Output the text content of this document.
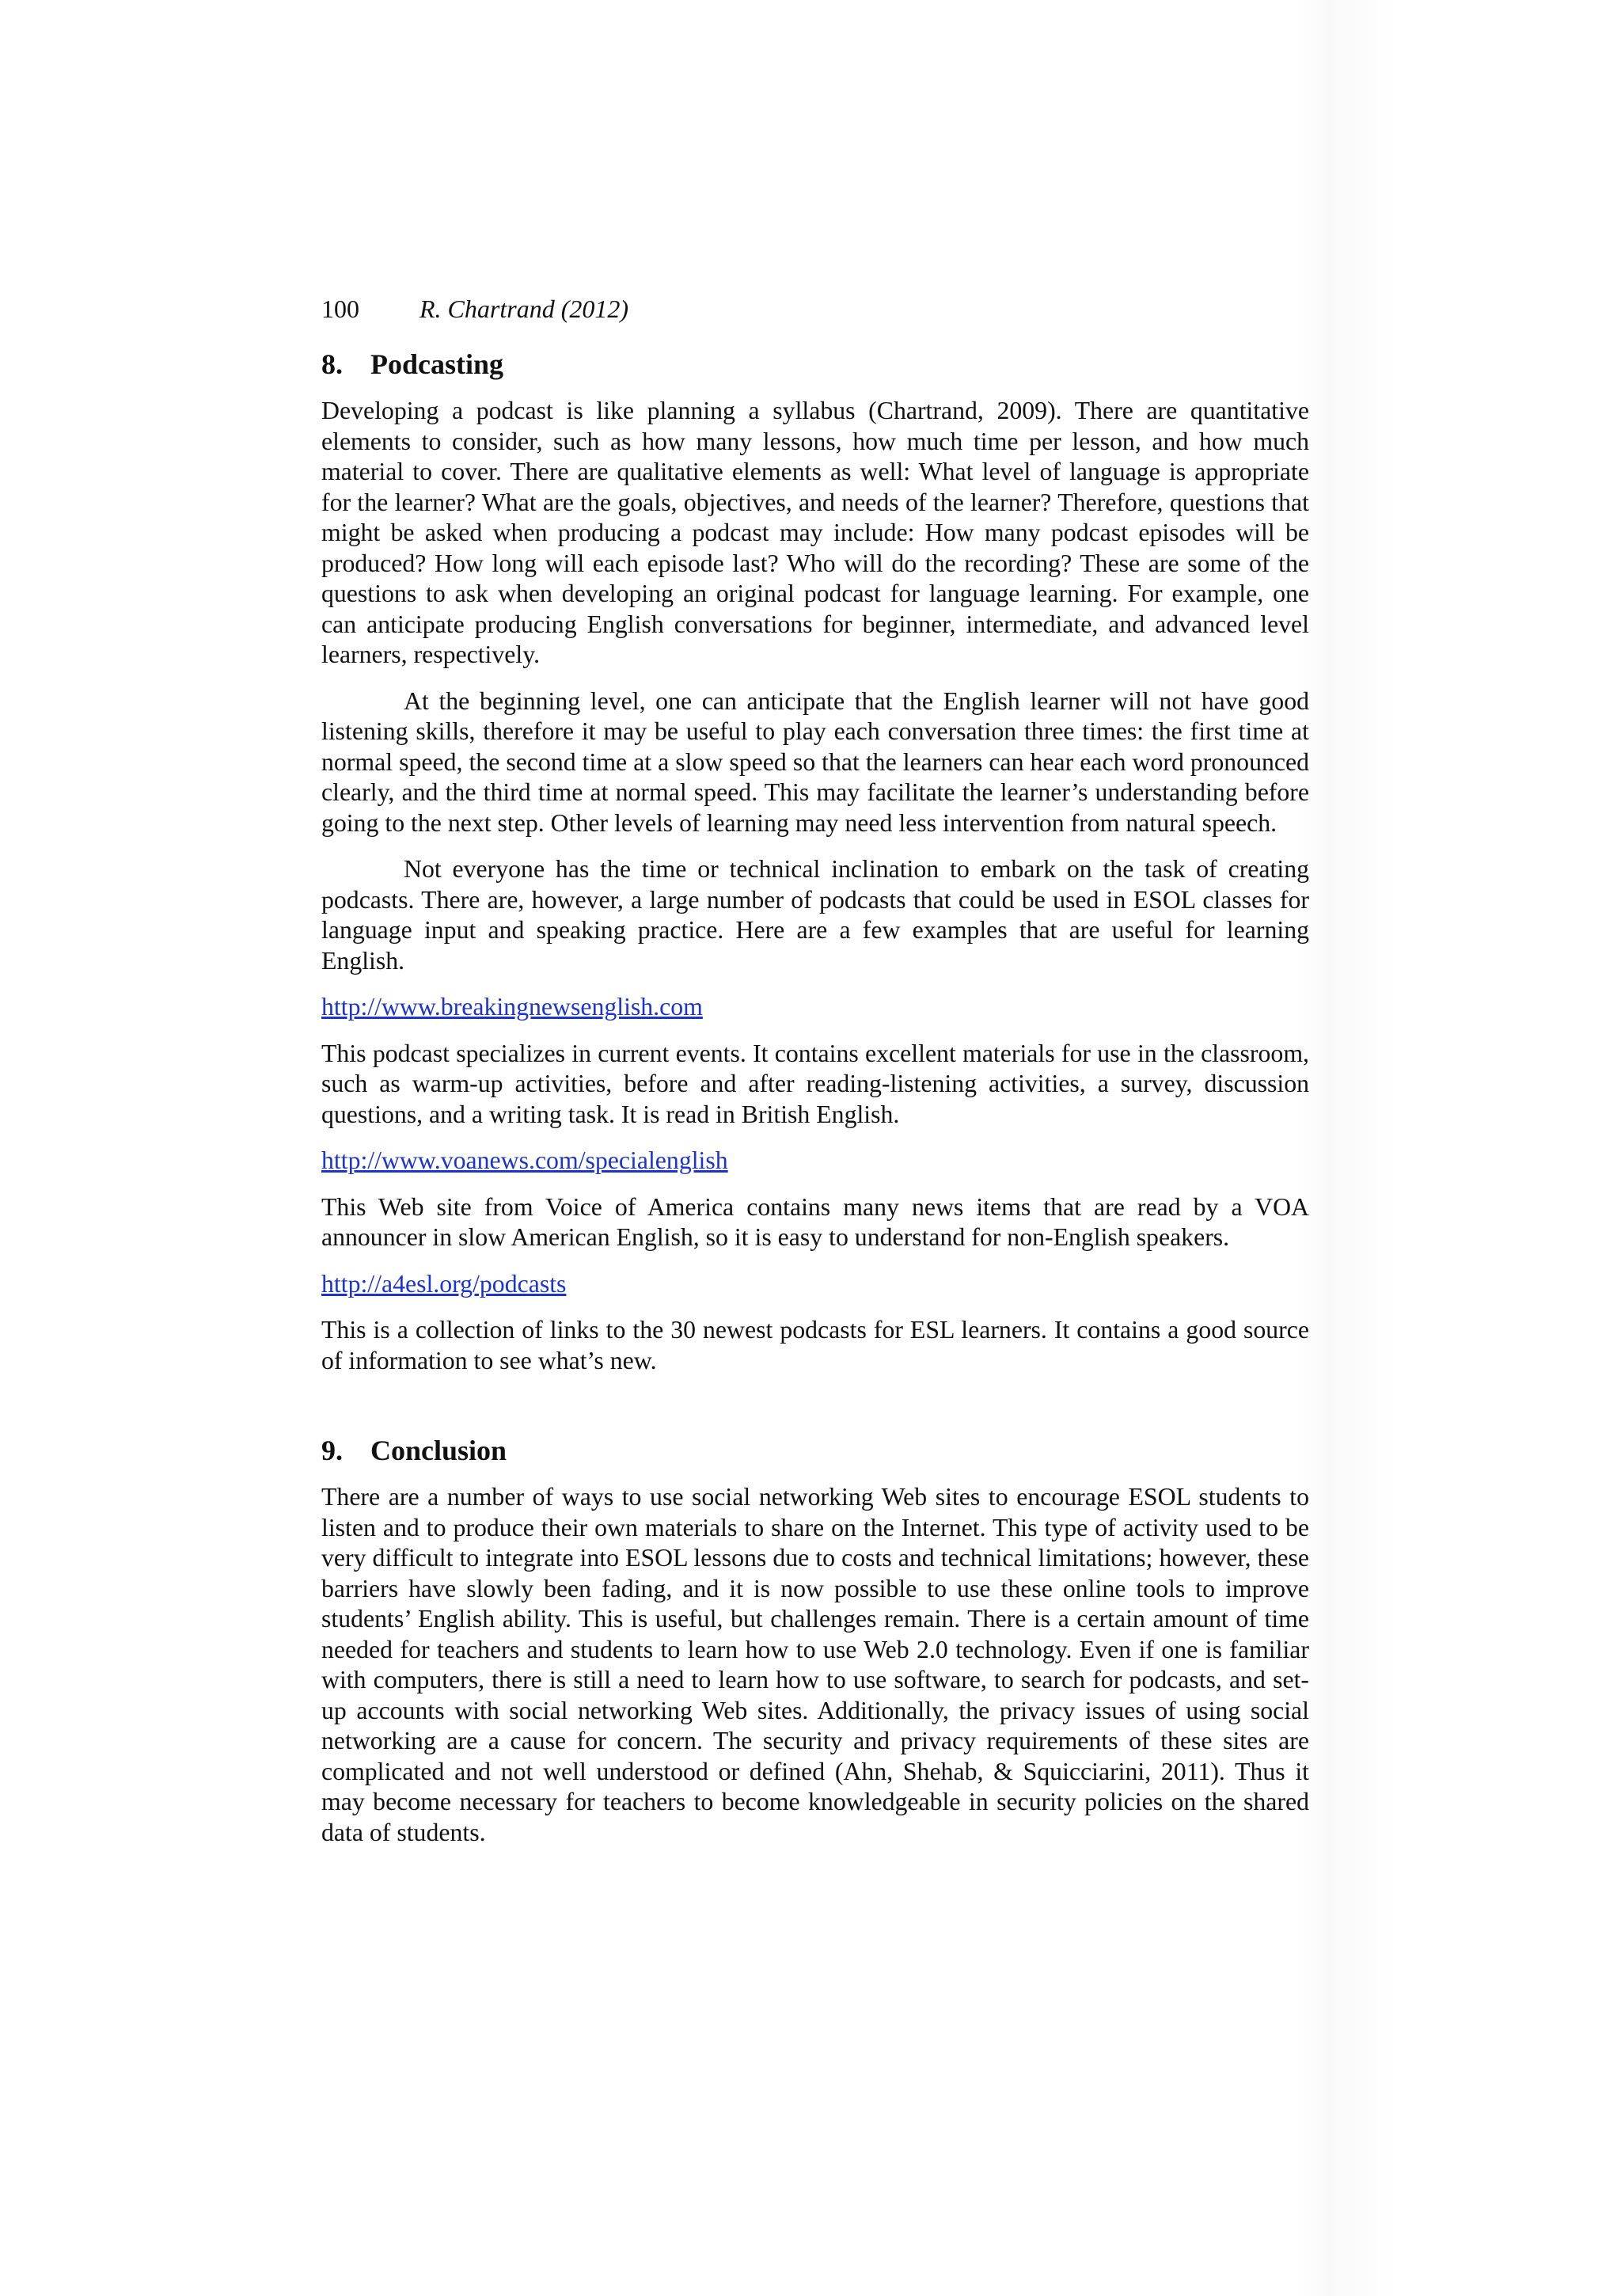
100 R. Chartrand (2012)
8. Podcasting

Developing a podcast is like planning a syllabus (Chartrand, 2009). There are quantitative elements to consider, such as how many lessons, how much time per lesson, and how much material to cover. There are qualitative elements as well: What level of language is appropriate for the learner? What are the goals, objectives, and needs of the learner? Therefore, questions that might be asked when producing a podcast may include: How many podcast episodes will be produced? How long will each episode last? Who will do the recording? These are some of the questions to ask when developing an original podcast for language learning. For example, one can anticipate producing English conversations for beginner, intermediate, and advanced level learners, respectively.

At the beginning level, one can anticipate that the English learner will not have good listening skills, therefore it may be useful to play each conversation three times: the first time at normal speed, the second time at a slow speed so that the learners can hear each word pronounced clearly, and the third time at normal speed. This may facilitate the learner’s understanding before going to the next step. Other levels of learning may need less intervention from natural speech.

Not everyone has the time or technical inclination to embark on the task of creating podcasts. There are, however, a large number of podcasts that could be used in ESOL classes for language input and speaking practice. Here are a few examples that are useful for learning English.

http://www.breakingnewsenglish.com

This podcast specializes in current events. It contains excellent materials for use in the classroom, such as warm-up activities, before and after reading-listening activities, a survey, discussion questions, and a writing task. It is read in British English.

http://www.voanews.com/specialenglish

This Web site from Voice of America contains many news items that are read by a VOA announcer in slow American English, so it is easy to understand for non-English speakers.

http://a4esl.org/podcasts

This is a collection of links to the 30 newest podcasts for ESL learners. It contains a good source of information to see what’s new.

9. Conclusion

There are a number of ways to use social networking Web sites to encourage ESOL students to listen and to produce their own materials to share on the Internet. This type of activity used to be very difficult to integrate into ESOL lessons due to costs and technical limitations; however, these barriers have slowly been fading, and it is now possible to use these online tools to improve students’ English ability. This is useful, but challenges remain. There is a certain amount of time needed for teachers and students to learn how to use Web 2.0 technology. Even if one is familiar with computers, there is still a need to learn how to use software, to search for podcasts, and set-up accounts with social networking Web sites. Additionally, the privacy issues of using social networking are a cause for concern. The security and privacy requirements of these sites are complicated and not well understood or defined (Ahn, Shehab, & Squicciarini, 2011). Thus it may become necessary for teachers to become knowledgeable in security policies on the shared data of students.
